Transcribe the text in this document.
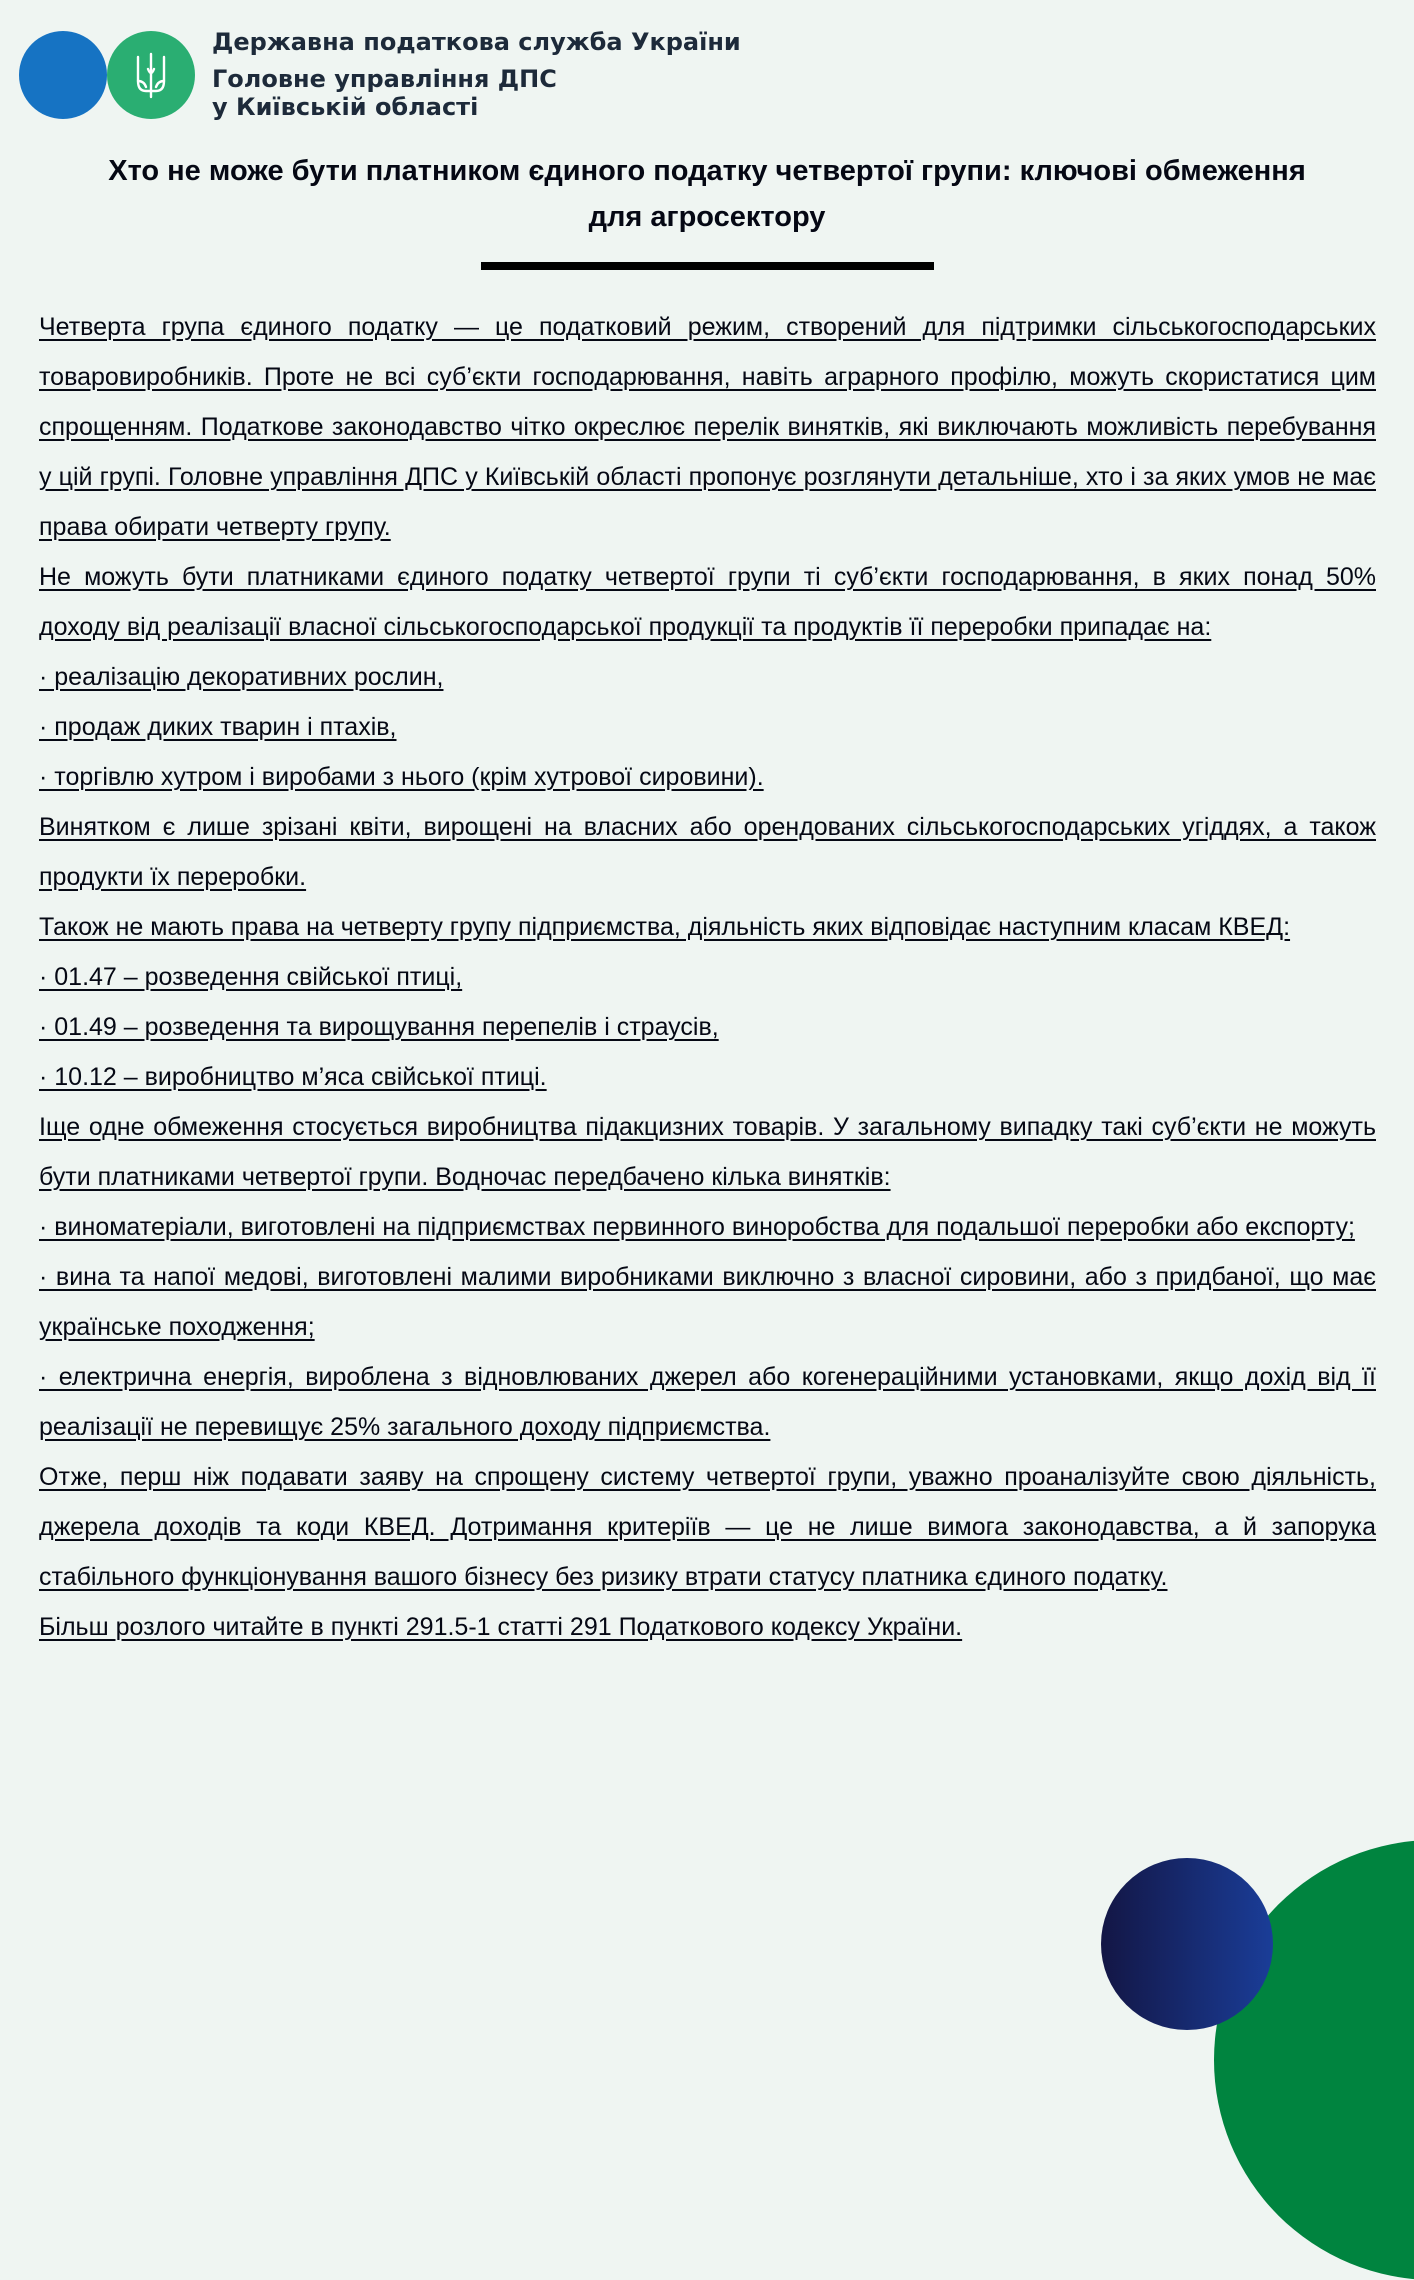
Державна податкова служба України
Головне управління ДПС
у Київській області
Хто не може бути платником єдиного податку четвертої групи: ключові обмеження
для агросектору

Четверта група єдиного податку — це податковий режим, створений для підтримки сільськогосподарських товаровиробників. Проте не всі суб’єкти господарювання, навіть аграрного профілю, можуть скористатися цим спрощенням. Податкове законодавство чітко окреслює перелік винятків, які виключають можливість перебування у цій групі. Головне управління ДПС у Київській області пропонує розглянути детальніше, хто і за яких умов не має права обирати четверту групу.

Не можуть бути платниками єдиного податку четвертої групи ті суб’єкти господарювання, в яких понад 50% доходу від реалізації власної сільськогосподарської продукції та продуктів її переробки припадає на:

· реалізацію декоративних рослин,

· продаж диких тварин і птахів,

· торгівлю хутром і виробами з нього (крім хутрової сировини).

Винятком є лише зрізані квіти, вирощені на власних або орендованих сільськогосподарських угіддях, а також продукти їх переробки.

Також не мають права на четверту групу підприємства, діяльність яких відповідає наступним класам КВЕД:

· 01.47 – розведення свійської птиці,

· 01.49 – розведення та вирощування перепелів і страусів,

· 10.12 – виробництво м’яса свійської птиці.

Іще одне обмеження стосується виробництва підакцизних товарів. У загальному випадку такі суб’єкти не можуть бути платниками четвертої групи. Водночас передбачено кілька винятків:

· виноматеріали, виготовлені на підприємствах первинного виноробства для подальшої переробки або експорту;

· вина та напої медові, виготовлені малими виробниками виключно з власної сировини, або з придбаної, що має українське походження;

· електрична енергія, вироблена з відновлюваних джерел або когенераційними установками, якщо дохід від її реалізації не перевищує 25% загального доходу підприємства.

Отже, перш ніж подавати заяву на спрощену систему четвертої групи, уважно проаналізуйте свою діяльність, джерела доходів та коди КВЕД. Дотримання критеріїв — це не лише вимога законодавства, а й запорука стабільного функціонування вашого бізнесу без ризику втрати статусу платника єдиного податку.

Більш розлого читайте в пункті 291.5-1 статті 291 Податкового кодексу України.
